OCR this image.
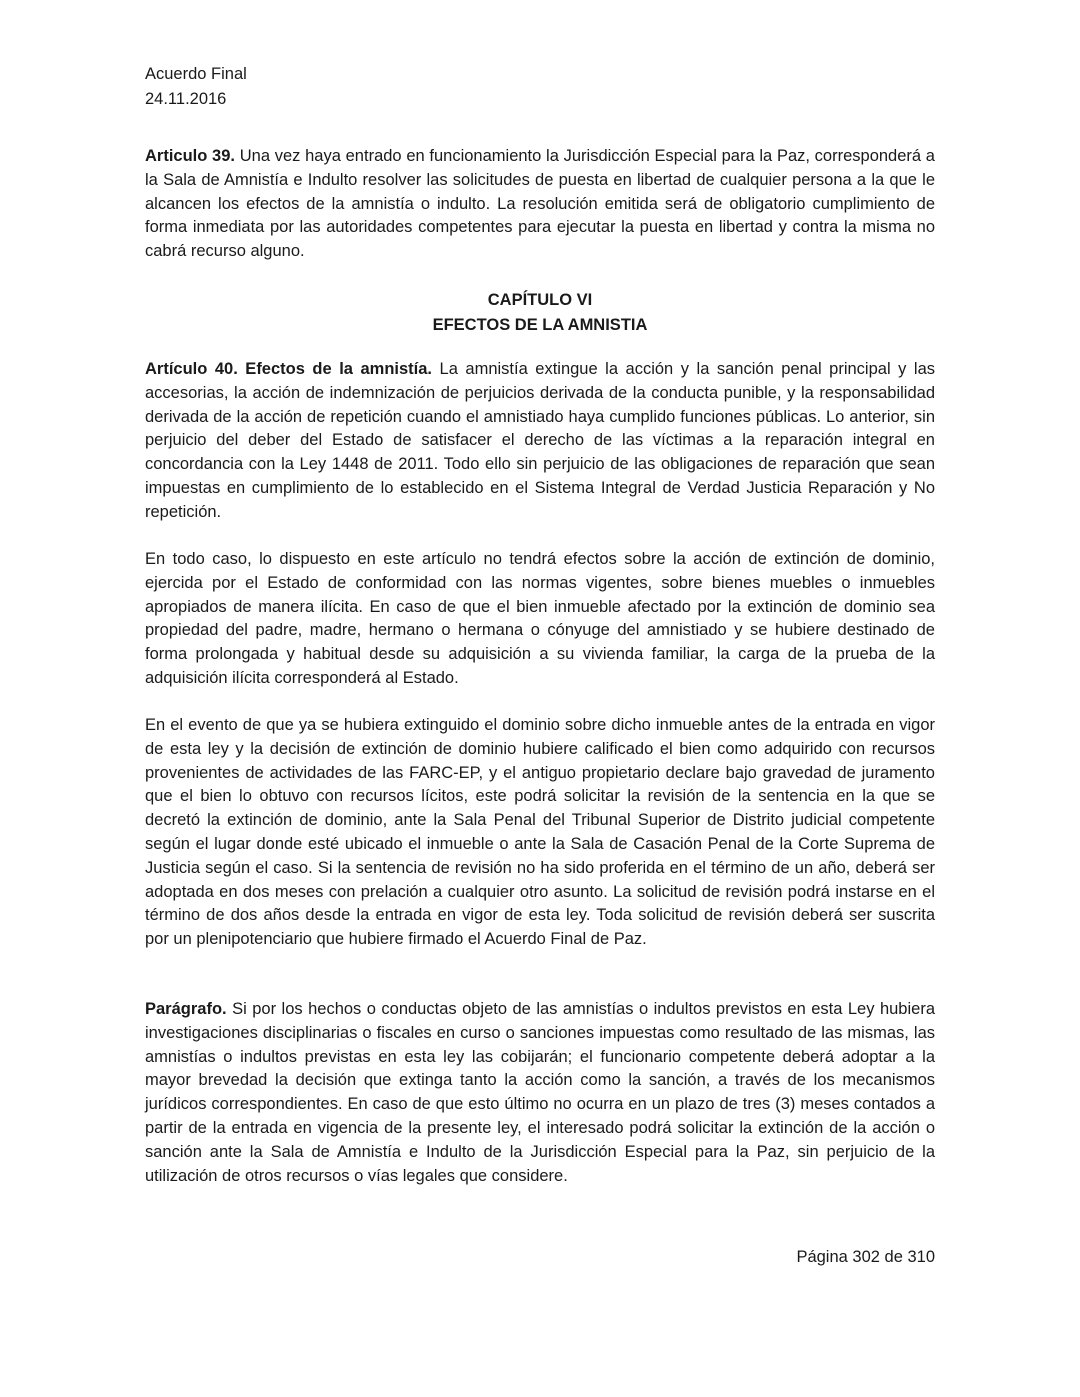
Acuerdo Final

24.11.2016

Articulo 39. Una vez haya entrado en funcionamiento la Jurisdicción Especial para la Paz, corresponderá a la Sala de Amnistía e Indulto resolver las solicitudes de puesta en libertad de cualquier persona a la que le alcancen los efectos de la amnistía o indulto. La resolución emitida será de obligatorio cumplimiento de forma inmediata por las autoridades competentes para ejecutar la puesta en libertad y contra la misma no cabrá recurso alguno.

CAPÍTULO VI
EFECTOS DE LA AMNISTIA

Artículo 40. Efectos de la amnistía. La amnistía extingue la acción y la sanción penal principal y las accesorias, la acción de indemnización de perjuicios derivada de la conducta punible, y la responsabilidad derivada de la acción de repetición cuando el amnistiado haya cumplido funciones públicas. Lo anterior, sin perjuicio del deber del Estado de satisfacer el derecho de las víctimas a la reparación integral en concordancia con la Ley 1448 de 2011. Todo ello sin perjuicio de las obligaciones de reparación que sean impuestas en cumplimiento de lo establecido en el Sistema Integral de Verdad Justicia Reparación y No repetición.

En todo caso, lo dispuesto en este artículo no tendrá efectos sobre la acción de extinción de dominio, ejercida por el Estado de conformidad con las normas vigentes, sobre bienes muebles o inmuebles apropiados de manera ilícita. En caso de que el bien inmueble afectado por la extinción de dominio sea propiedad del padre, madre, hermano o hermana o cónyuge del amnistiado y se hubiere destinado de forma prolongada y habitual desde su adquisición a su vivienda familiar, la carga de la prueba de la adquisición ilícita corresponderá al Estado.

En el evento de que ya se hubiera extinguido el dominio sobre dicho inmueble antes de la entrada en vigor de esta ley y la decisión de extinción de dominio hubiere calificado el bien como adquirido con recursos provenientes de actividades de las FARC-EP, y el antiguo propietario declare bajo gravedad de juramento que el bien lo obtuvo con recursos lícitos, este podrá solicitar la revisión de la sentencia en la que se decretó la extinción de dominio, ante la Sala Penal del Tribunal Superior de Distrito judicial competente según el lugar donde esté ubicado el inmueble o ante la Sala de Casación Penal de la Corte Suprema de Justicia según el caso. Si la sentencia de revisión no ha sido proferida en el término de un año, deberá ser adoptada en dos meses con prelación a cualquier otro asunto. La solicitud de revisión podrá instarse en el término de dos años desde la entrada en vigor de esta ley. Toda solicitud de revisión deberá ser suscrita por un plenipotenciario que hubiere firmado el Acuerdo Final de Paz.

Parágrafo. Si por los hechos o conductas objeto de las amnistías o indultos previstos en esta Ley hubiera investigaciones disciplinarias o fiscales en curso o sanciones impuestas como resultado de las mismas, las amnistías o indultos previstas en esta ley las cobijarán; el funcionario competente deberá adoptar a la mayor brevedad la decisión que extinga tanto la acción como la sanción, a través de los mecanismos jurídicos correspondientes. En caso de que esto último no ocurra en un plazo de tres (3) meses contados a partir de la entrada en vigencia de la presente ley, el interesado podrá solicitar la extinción de la acción o sanción ante la Sala de Amnistía e Indulto de la Jurisdicción Especial para la Paz, sin perjuicio de la utilización de otros recursos o vías legales que considere.

Página 302 de 310
